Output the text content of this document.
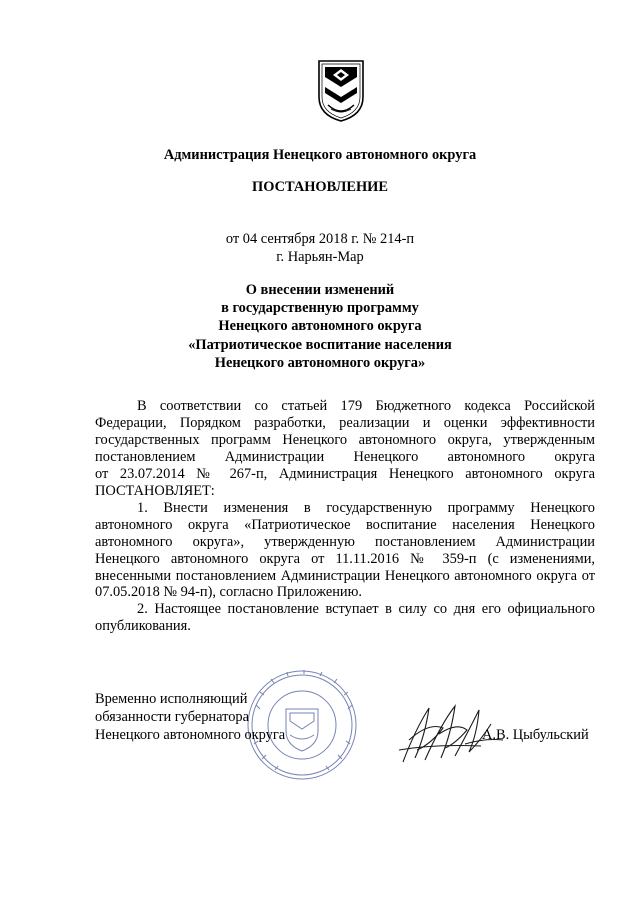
Администрация Ненецкого автономного округа
ПОСТАНОВЛЕНИЕ
от 04 сентября 2018 г. № 214-п
г. Нарьян-Мар
О внесении изменений
в государственную программу
Ненецкого автономного округа
«Патриотическое воспитание населения
Ненецкого автономного округа»

В соответствии со статьей 179 Бюджетного кодекса Российской Федерации, Порядком разработки, реализации и оценки эффективности государственных программ Ненецкого автономного округа, утвержденным

постановлением Администрации Ненецкого автономного округа

от 23.07.2014 № 267-п, Администрация Ненецкого автономного округа ПОСТАНОВЛЯЕТ:

1. Внести изменения в государственную программу Ненецкого автономного округа «Патриотическое воспитание населения Ненецкого автономного округа», утвержденную постановлением Администрации Ненецкого автономного округа от 11.11.2016 № 359-п (с изменениями, внесенными постановлением Администрации Ненецкого автономного округа от 07.05.2018 № 94-п), согласно Приложению.

2. Настоящее постановление вступает в силу со дня его официального опубликования.

Временно исполняющий
обязанности губернатора
Ненецкого автономного округа	А.В. Цыбульский
